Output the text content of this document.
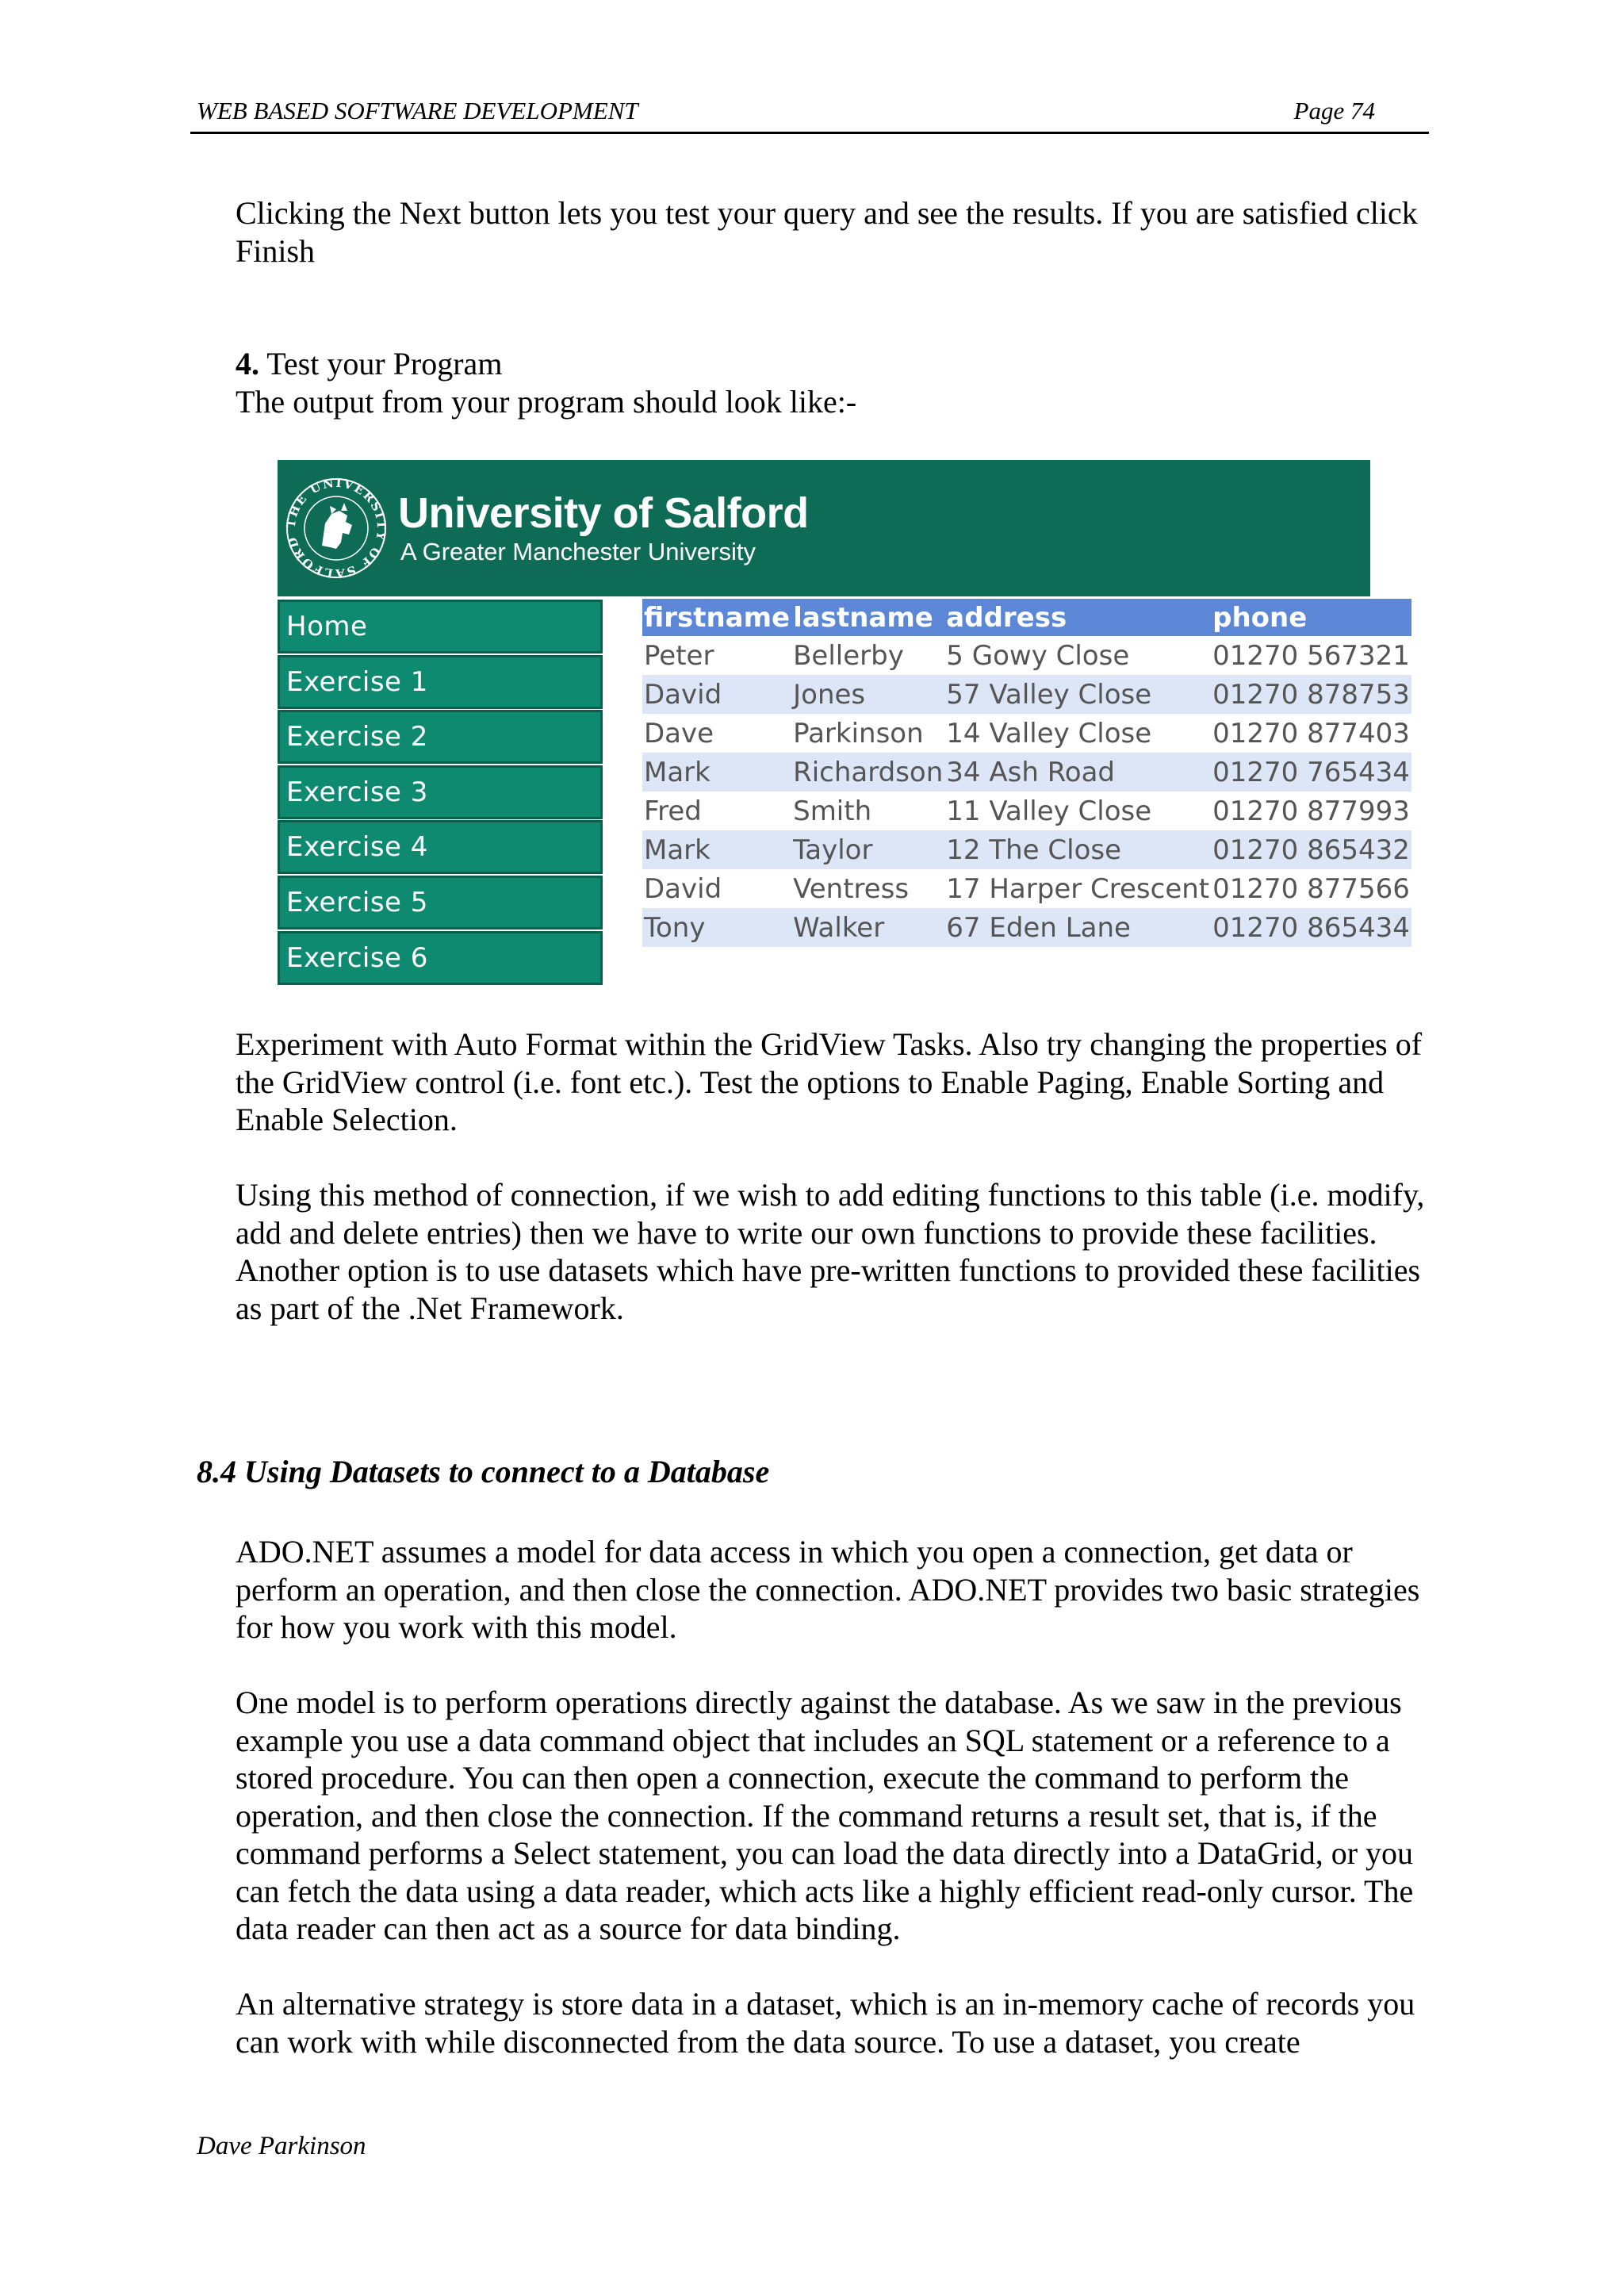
WEB BASED SOFTWARE DEVELOPMENT	Page 74

Clicking the Next button lets you test your query and see the results. If you are satisfied click Finish

4. Test your Program
The output from your program should look like:-

THE UNIVERSITY OF SALFORD
University of Salford
A Greater Manchester University
Home
Exercise 1
Exercise 2
Exercise 3
Exercise 4
Exercise 5
Exercise 6
firstname	lastname	address	phone
Peter	Bellerby	5 Gowy Close	01270 567321
David	Jones	57 Valley Close	01270 878753
Dave	Parkinson	14 Valley Close	01270 877403
Mark	Richardson	34 Ash Road	01270 765434
Fred	Smith	11 Valley Close	01270 877993
Mark	Taylor	12 The Close	01270 865432
David	Ventress	17 Harper Crescent	01270 877566
Tony	Walker	67 Eden Lane	01270 865434

Experiment with Auto Format within the GridView Tasks. Also try changing the properties of the GridView control (i.e. font etc.). Test the options to Enable Paging, Enable Sorting and Enable Selection.

Using this method of connection, if we wish to add editing functions to this table (i.e. modify, add and delete entries) then we have to write our own functions to provide these facilities. Another option is to use datasets which have pre-written functions to provided these facilities as part of the .Net Framework.

8.4 Using Datasets to connect to a Database

ADO.NET assumes a model for data access in which you open a connection, get data or perform an operation, and then close the connection. ADO.NET provides two basic strategies for how you work with this model.

One model is to perform operations directly against the database. As we saw in the previous example you use a data command object that includes an SQL statement or a reference to a stored procedure. You can then open a connection, execute the command to perform the operation, and then close the connection. If the command returns a result set, that is, if the command performs a Select statement, you can load the data directly into a DataGrid, or you can fetch the data using a data reader, which acts like a highly efficient read-only cursor. The data reader can then act as a source for data binding.

An alternative strategy is store data in a dataset, which is an in-memory cache of records you can work with while disconnected from the data source. To use a dataset, you create

Dave Parkinson
